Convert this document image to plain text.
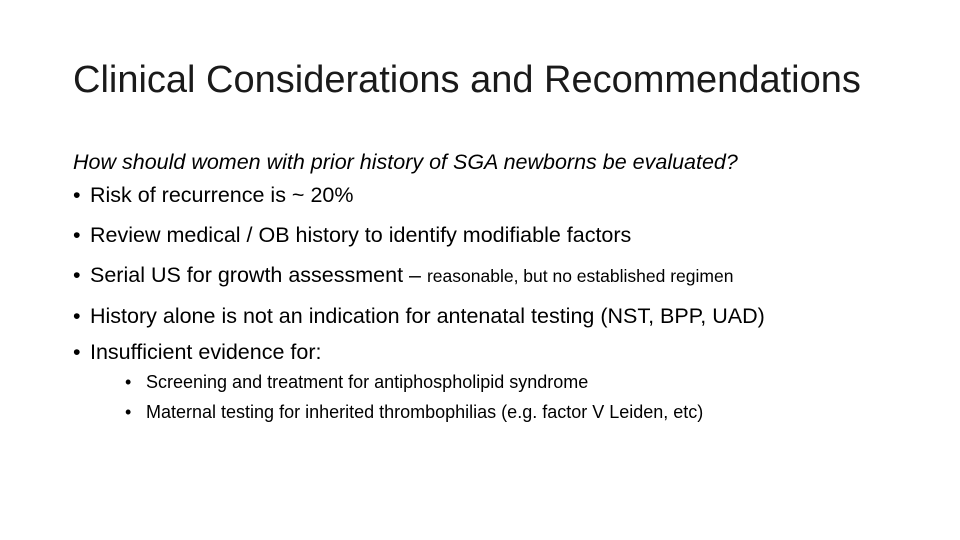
Clinical Considerations and Recommendations
How should women with prior history of SGA newborns be evaluated?
• Risk of recurrence is ~ 20%
• Review medical / OB history to identify modifiable factors
• Serial US for growth assessment – reasonable, but no established regimen
• History alone is not an indication for antenatal testing (NST, BPP, UAD)
• Insufficient evidence for:
• Screening and treatment for antiphospholipid syndrome
• Maternal testing for inherited thrombophilias (e.g. factor V Leiden, etc)
